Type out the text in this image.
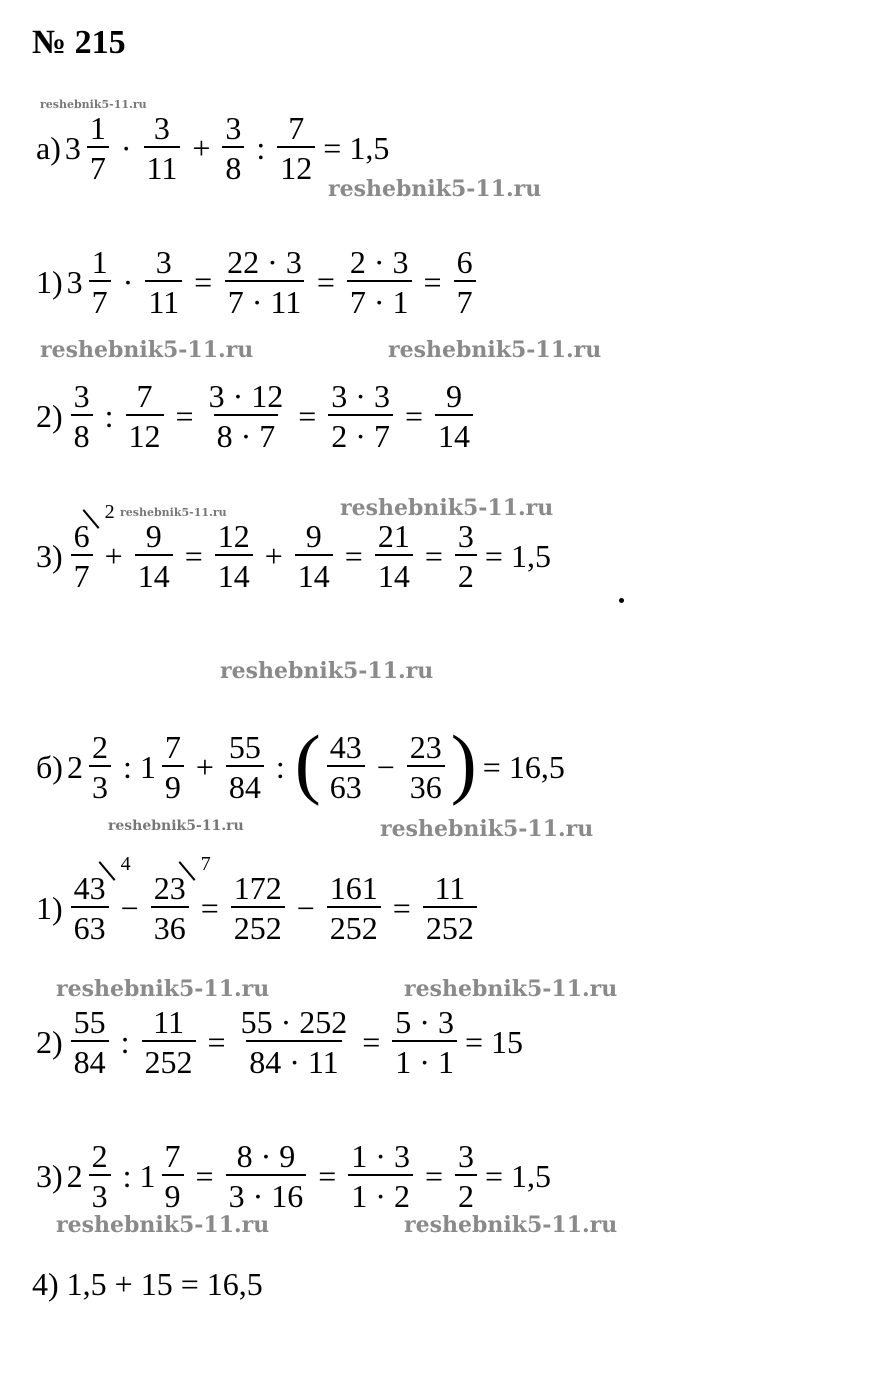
№ 215
reshebnik5-11.ru
reshebnik5-11.ru
reshebnik5-11.ru	reshebnik5-11.ru
reshebnik5-11.ru	reshebnik5-11.ru
reshebnik5-11.ru
reshebnik5-11.ru	reshebnik5-11.ru
reshebnik5-11.ru	reshebnik5-11.ru
reshebnik5-11.ru	reshebnik5-11.ru
а) $3 \frac{1}{7} \cdot \frac{3}{11} + \frac{3}{8}$ : $\frac{7}{12} = 1,5$
1) $3 \frac{1}{7} \cdot \frac{3}{11} = \frac{22 \cdot 3}{7 \cdot 11} = \frac{2 \cdot 3}{7 \cdot 1} = \frac{6}{7}$
$2) \frac{3}{8}$ : $\frac{7}{12} = \frac{3 \cdot 12}{8 \cdot 7} = \frac{3 \cdot 3}{2 \cdot 7} = \frac{9}{14}$
3) 6
2
$7 + \frac{9}{14} = \frac{12}{14} + \frac{9}{14} = \frac{21}{14} = \frac{3}{2} = 1,5$
б) $2 \frac{2}{3}$ : $1 \frac{7}{9} + \frac{55}{84}$ : ( $\frac{43}{63} - \frac{23}{36}$ ) = 16,5
1) 43
4
63 − 23
7
$36 = \frac{172}{252} - \frac{161}{252} = \frac{11}{252}$
$2) \frac{55}{84}$ : $\frac{11}{252} = \frac{55 \cdot 252}{84 \cdot 11} = \frac{5 \cdot 3}{1 \cdot 1} = 15$
3) $2 \frac{2}{3}$ : $1 \frac{7}{9} = \frac{8 \cdot 9}{3 \cdot 16} = \frac{1 \cdot 3}{1 \cdot 2} = \frac{3}{2} = 1,5$
4) 1,5 + 15 = 16,5
